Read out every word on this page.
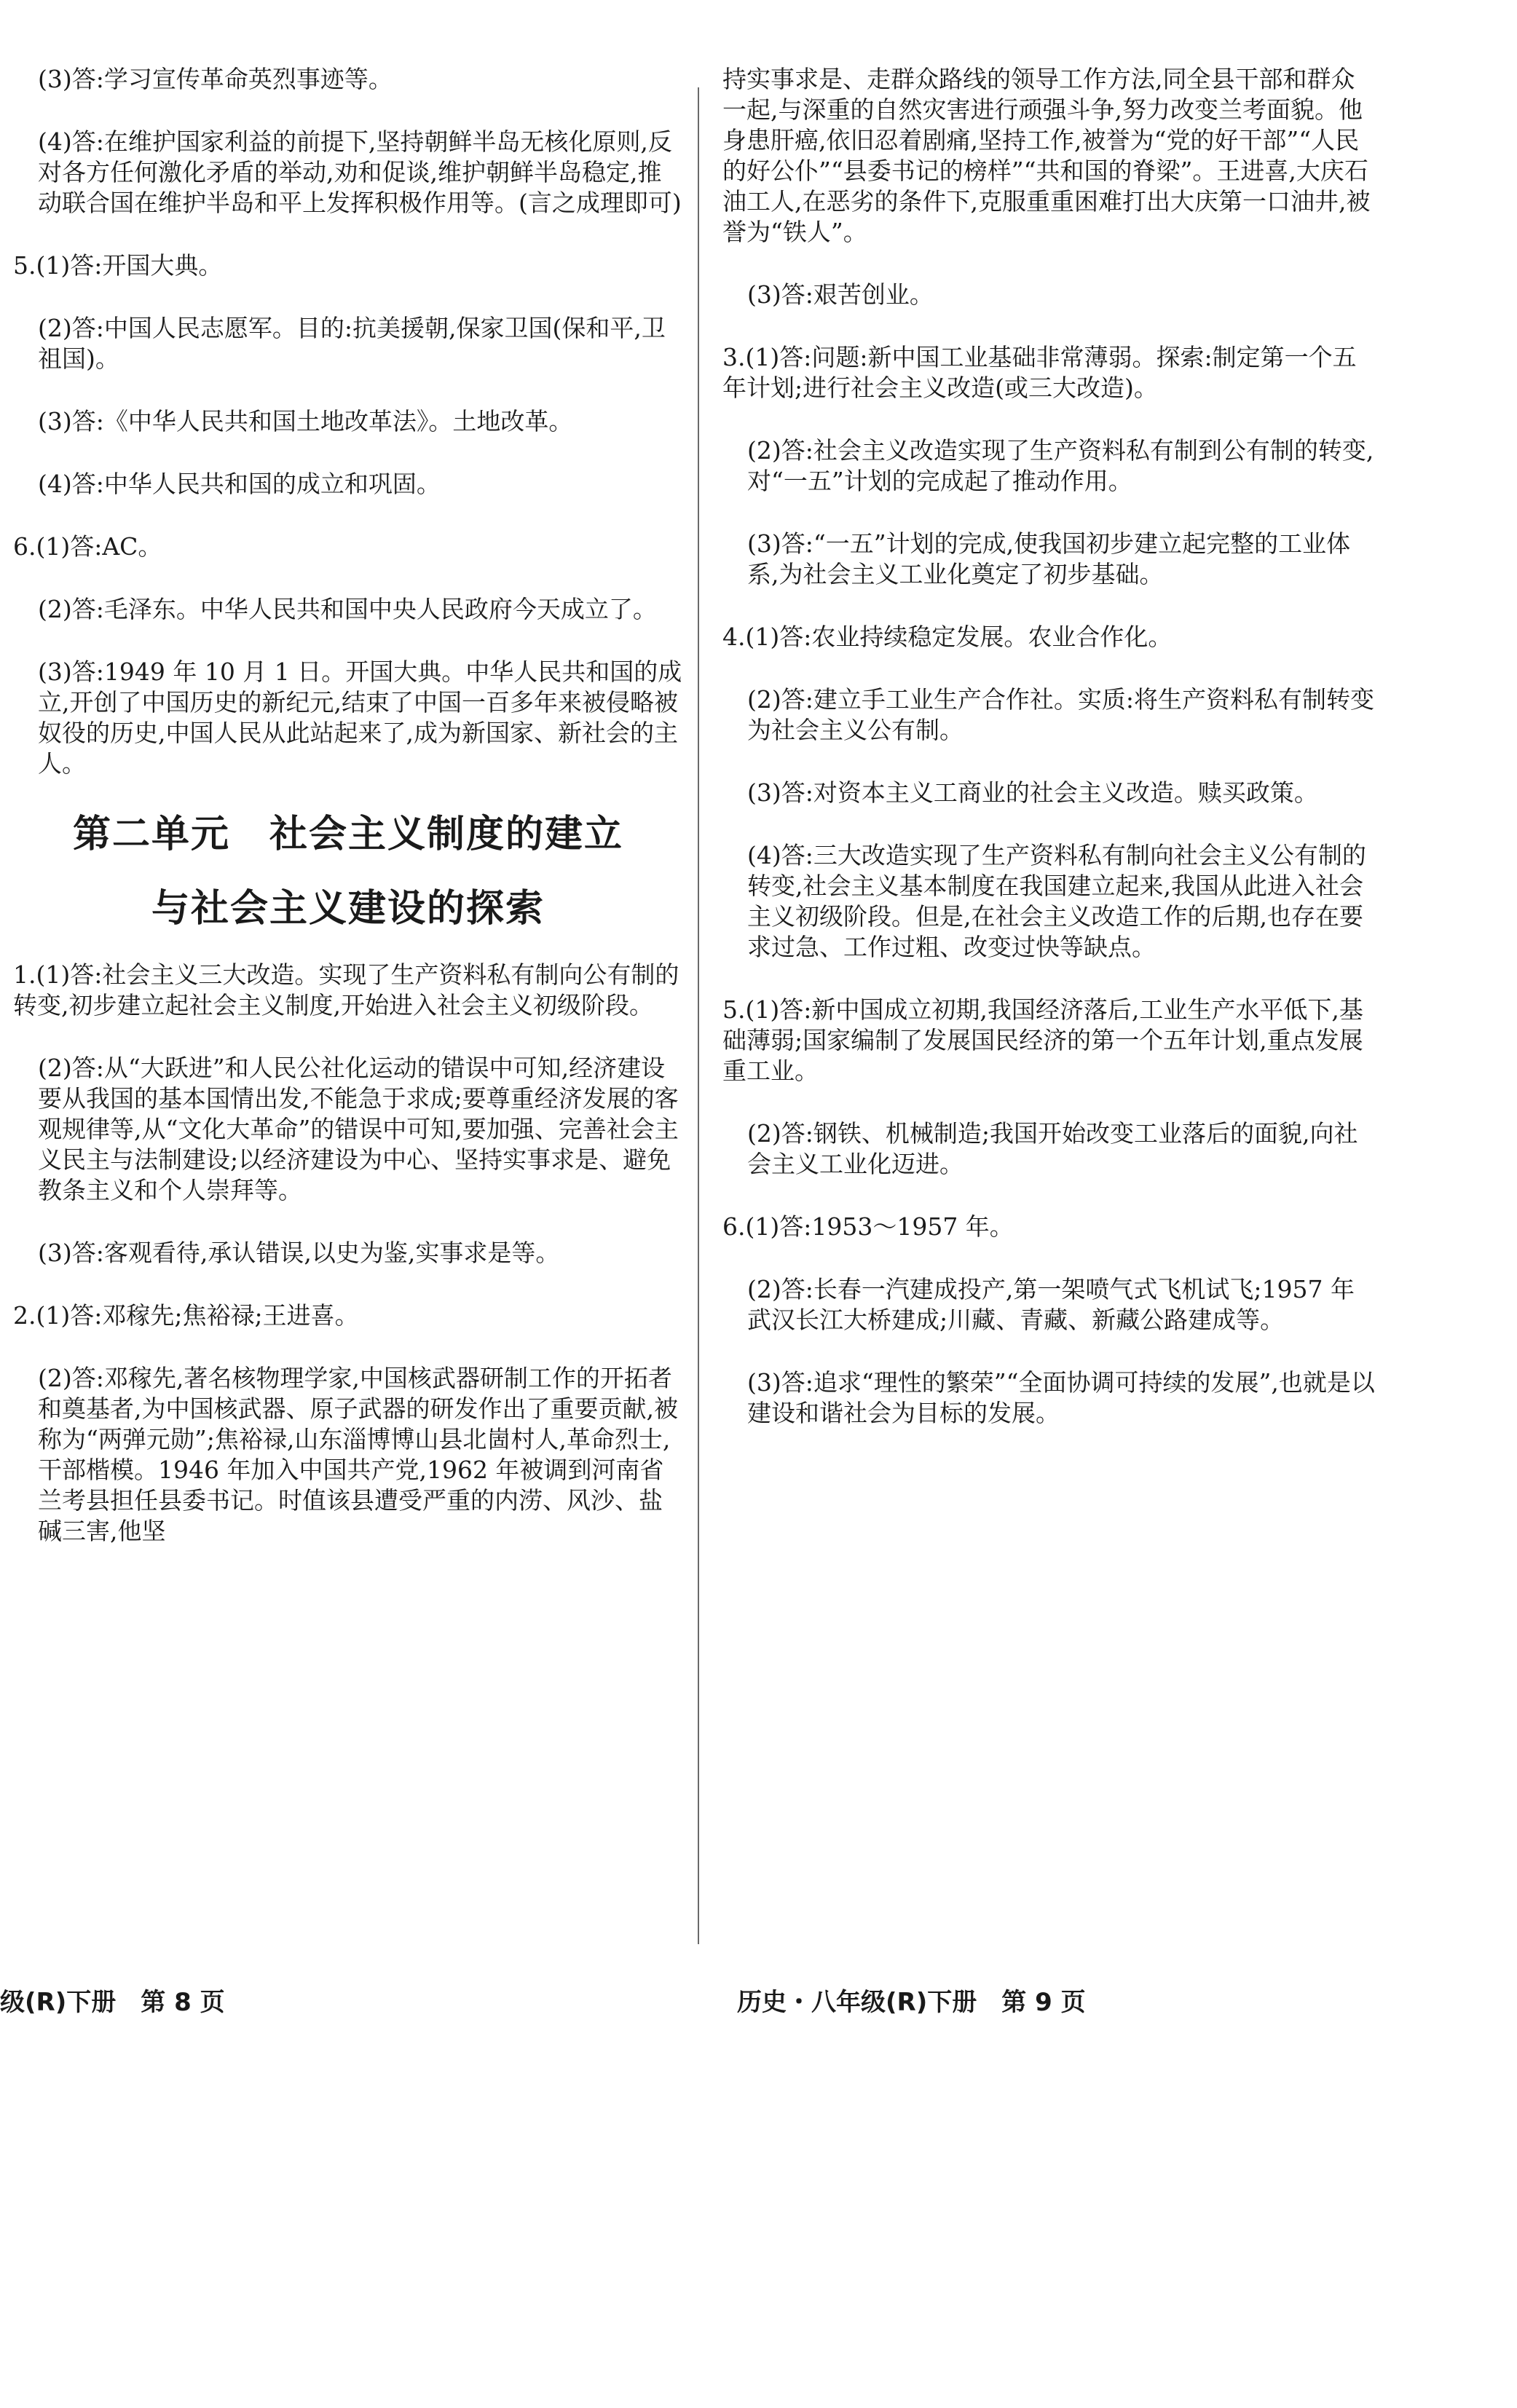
(3)答:学习宣传革命英烈事迹等。

(4)答:在维护国家利益的前提下,坚持朝鲜半岛无核化原则,反对各方任何激化矛盾的举动,劝和促谈,维护朝鲜半岛稳定,推动联合国在维护半岛和平上发挥积极作用等。(言之成理即可)

5.(1)答:开国大典。

(2)答:中国人民志愿军。目的:抗美援朝,保家卫国(保和平,卫祖国)。

(3)答:《中华人民共和国土地改革法》。土地改革。

(4)答:中华人民共和国的成立和巩固。

6.(1)答:AC。

(2)答:毛泽东。中华人民共和国中央人民政府今天成立了。

(3)答:1949 年 10 月 1 日。开国大典。中华人民共和国的成立,开创了中国历史的新纪元,结束了中国一百多年来被侵略被奴役的历史,中国人民从此站起来了,成为新国家、新社会的主人。

第二单元　社会主义制度的建立
与社会主义建设的探索

1.(1)答:社会主义三大改造。实现了生产资料私有制向公有制的转变,初步建立起社会主义制度,开始进入社会主义初级阶段。

(2)答:从“大跃进”和人民公社化运动的错误中可知,经济建设要从我国的基本国情出发,不能急于求成;要尊重经济发展的客观规律等,从“文化大革命”的错误中可知,要加强、完善社会主义民主与法制建设;以经济建设为中心、坚持实事求是、避免教条主义和个人崇拜等。

(3)答:客观看待,承认错误,以史为鉴,实事求是等。

2.(1)答:邓稼先;焦裕禄;王进喜。

(2)答:邓稼先,著名核物理学家,中国核武器研制工作的开拓者和奠基者,为中国核武器、原子武器的研发作出了重要贡献,被称为“两弹元勋”;焦裕禄,山东淄博博山县北崮村人,革命烈士,干部楷模。1946 年加入中国共产党,1962 年被调到河南省兰考县担任县委书记。时值该县遭受严重的内涝、风沙、盐碱三害,他坚

持实事求是、走群众路线的领导工作方法,同全县干部和群众一起,与深重的自然灾害进行顽强斗争,努力改变兰考面貌。他身患肝癌,依旧忍着剧痛,坚持工作,被誉为“党的好干部”“人民的好公仆”“县委书记的榜样”“共和国的脊梁”。王进喜,大庆石油工人,在恶劣的条件下,克服重重困难打出大庆第一口油井,被誉为“铁人”。

(3)答:艰苦创业。

3.(1)答:问题:新中国工业基础非常薄弱。探索:制定第一个五年计划;进行社会主义改造(或三大改造)。

(2)答:社会主义改造实现了生产资料私有制到公有制的转变,对“一五”计划的完成起了推动作用。

(3)答:“一五”计划的完成,使我国初步建立起完整的工业体系,为社会主义工业化奠定了初步基础。

4.(1)答:农业持续稳定发展。农业合作化。

(2)答:建立手工业生产合作社。实质:将生产资料私有制转变为社会主义公有制。

(3)答:对资本主义工商业的社会主义改造。赎买政策。

(4)答:三大改造实现了生产资料私有制向社会主义公有制的转变,社会主义基本制度在我国建立起来,我国从此进入社会主义初级阶段。但是,在社会主义改造工作的后期,也存在要求过急、工作过粗、改变过快等缺点。

5.(1)答:新中国成立初期,我国经济落后,工业生产水平低下,基础薄弱;国家编制了发展国民经济的第一个五年计划,重点发展重工业。

(2)答:钢铁、机械制造;我国开始改变工业落后的面貌,向社会主义工业化迈进。

6.(1)答:1953～1957 年。

(2)答:长春一汽建成投产,第一架喷气式飞机试飞;1957 年武汉长江大桥建成;川藏、青藏、新藏公路建成等。

(3)答:追求“理性的繁荣”“全面协调可持续的发展”,也就是以建设和谐社会为目标的发展。

级(R)下册　第 8 页	历史・八年级(R)下册　第 9 页
